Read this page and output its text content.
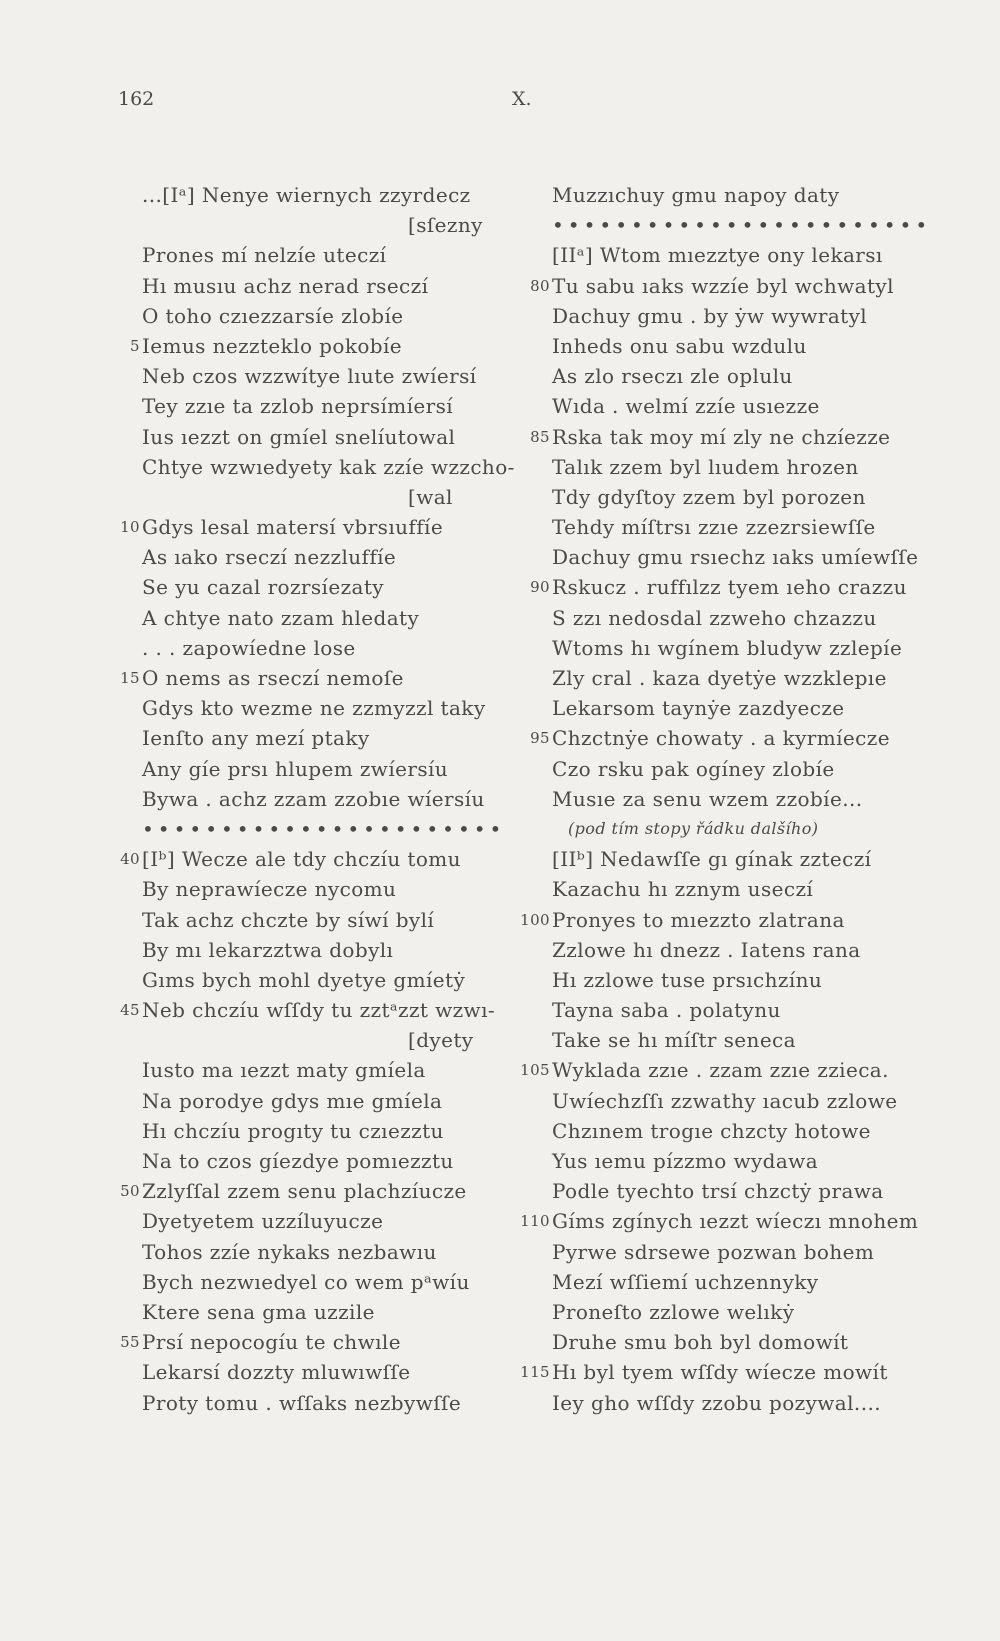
162	X.
...[Iᵃ] Nenye wiernych zzyrdecz
[sſezny
Prones mí nelzíe uteczí
Hı musıu achz nerad rseczí
O toho czıezzarsíe zlobíe
5 Iemus nezzteklo pokobíe
Neb czos wzzwítye lıute zwíersí
Tey zzıe ta zzlob neprsímíersí
Ius ıezzt on gmíel snelíutowal
Chtye wzwıedyety kak zzíe wzzcho-
[wal
10 Gdys lesal matersí vbrsıuffíe
As ıako rseczí nezzluffíe
Se yu cazal rozrsíezaty
A chtye nato zzam hledaty
. . . zapowíedne lose
15 O nems as rseczí nemoſe
Gdys kto wezme ne zzmyzzl taky
Ienſto any mezí ptaky
Any gíe prsı hlupem zwíersíu
Bywa . achz zzam zzobıe wíersíu
•••••••••••••••••••••••
40 [Iᵇ] Wecze ale tdy chczíu tomu
By neprawíecze nycomu
Tak achz chczte by síwí bylí
By mı lekarzztwa dobylı
Gıms bych mohl dyetye gmíetẏ
45 Neb chczíu wſſdy tu zztᵃzzt wzwı-
[dyety
Iusto ma ıezzt maty gmíela
Na porodye gdys mıe gmíela
Hı chczíu progıty tu czıezztu
Na to czos gíezdye pomıezztu
50 Zzlyſſal zzem senu plachzíucze
Dyetyetem uzzíluyucze
Tohos zzíe nykaks nezbawıu
Bych nezwıedyel co wem pᵃwíu
Ktere sena gma uzzile
55 Prsí nepocogíu te chwıle
Lekarsí dozzty mluwıwſſe
Proty tomu . wſſaks nezbywſſe
Muzzıchuy gmu napoy daty
••••••••••••••••••••••••
[IIᵃ] Wtom mıezztye ony lekarsı
80 Tu sabu ıaks wzzíe byl wchwatyl
Dachuy gmu . by ẏw wywratyl
Inheds onu sabu wzdulu
As zlo rseczı zle oplulu
Wıda . welmí zzíe usıezze
85 Rska tak moy mí zly ne chzíezze
Talık zzem byl lıudem hrozen
Tdy gdyſtoy zzem byl porozen
Tehdy míſtrsı zzıe zzezrsiewſſe
Dachuy gmu rsıechz ıaks umíewſſe
90 Rskucz . ruffılzz tyem ıeho crazzu
S zzı nedosdal zzweho chzazzu
Wtoms hı wgínem bludyw zzlepíe
Zly cral . kaza dyetẏe wzzklepıe
Lekarsom taynẏe zazdyecze
95 Chzctnẏe chowaty . a kyrmíecze
Czo rsku pak ogíney zlobíe
Musıe za senu wzem zzobíe...
(pod tím stopy řádku dalšího)
[IIᵇ] Nedawſſe gı gínak zzteczí
Kazachu hı zznym useczí
100 Pronyes to mıezzto zlatrana
Zzlowe hı dnezz . Iatens rana
Hı zzlowe tuse prsıchzínu
Tayna saba . polatynu
Take se hı míſtr seneca
105 Wyklada zzıe . zzam zzıe zzieca.
Uwíechzſſı zzwathy ıacub zzlowe
Chzınem trogıe chzcty hotowe
Yus ıemu pízzmo wydawa
Podle tyechto trsí chzctẏ prawa
110 Gíms zgínych ıezzt wíeczı mnohem
Pyrwe sdrsewe pozwan bohem
Mezí wſſiemí uchzennyky
Proneſto zzlowe welıkẏ
Druhe smu boh byl domowít
115 Hı byl tyem wſſdy wíecze mowít
Iey gho wſſdy zzobu pozywal....
